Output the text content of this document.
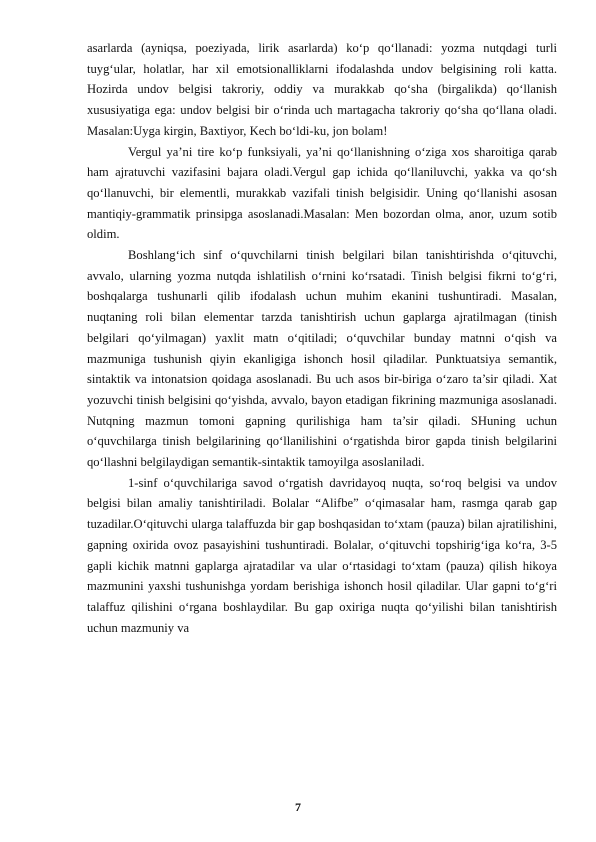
asarlarda (ayniqsa, poeziyada, lirik asarlarda) ko‘p qo‘llanadi: yozma nutqdagi turli tuyg‘ular, holatlar, har xil emotsionalliklarni ifodalashda undov belgisining roli katta. Hozirda undov belgisi takroriy, oddiy va murakkab qo‘sha (birgalikda) qo‘llanish xususiyatiga ega: undov belgisi bir o‘rinda uch martagacha takroriy qo‘sha qo‘llana oladi. Masalan:Uyga kirgin, Baxtiyor, Kech bo‘ldi-ku, jon bolam!

Vergul ya’ni tire ko‘p funksiyali, ya’ni qo‘llanishning o‘ziga xos sharoitiga qarab ham ajratuvchi vazifasini bajara oladi.Vergul gap ichida qo‘llaniluvchi, yakka va qo‘sh qo‘llanuvchi, bir elementli, murakkab vazifali tinish belgisidir. Uning qo‘llanishi asosan mantiqiy-grammatik prinsipga asoslanadi.Masalan: Men bozordan olma, anor, uzum sotib oldim.

Boshlang‘ich sinf o‘quvchilarni tinish belgilari bilan tanishtirishda o‘qituvchi, avvalo, ularning yozma nutqda ishlatilish o‘rnini ko‘rsatadi. Tinish belgisi fikrni to‘g‘ri, boshqalarga tushunarli qilib ifodalash uchun muhim ekanini tushuntiradi. Masalan, nuqtaning roli bilan elementar tarzda tanishtirish uchun gaplarga ajratilmagan (tinish belgilari qo‘yilmagan) yaxlit matn o‘qitiladi; o‘quvchilar bunday matnni o‘qish va mazmuniga tushunish qiyin ekanligiga ishonch hosil qiladilar. Punktuatsiya semantik, sintaktik va intonatsion qoidaga asoslanadi. Bu uch asos bir-biriga o‘zaro ta’sir qiladi. Xat yozuvchi tinish belgisini qo‘yishda, avvalo, bayon etadigan fikrining mazmuniga asoslanadi. Nutqning mazmun tomoni gapning qurilishiga ham ta’sir qiladi. SHuning uchun o‘quvchilarga tinish belgilarining qo‘llanilishini o‘rgatishda biror gapda tinish belgilarini qo‘llashni belgilaydigan semantik-sintaktik tamoyilga asoslaniladi.

1-sinf o‘quvchilariga savod o‘rgatish davridayoq nuqta, so‘roq belgisi va undov belgisi bilan amaliy tanishtiriladi. Bolalar “Alifbe” o‘qimasalar ham, rasmga qarab gap tuzadilar.O‘qituvchi ularga talaffuzda bir gap boshqasidan to‘xtam (pauza) bilan ajratilishini, gapning oxirida ovoz pasayishini tushuntiradi. Bolalar, o‘qituvchi topshirig‘iga ko‘ra, 3-5 gapli kichik matnni gaplarga ajratadilar va ular o‘rtasidagi to‘xtam (pauza) qilish hikoya mazmunini yaxshi tushunishga yordam berishiga ishonch hosil qiladilar. Ular gapni to‘g‘ri talaffuz qilishini o‘rgana boshlaydilar. Bu gap oxiriga nuqta qo‘yilishi bilan tanishtirish uchun mazmuniy va

7
